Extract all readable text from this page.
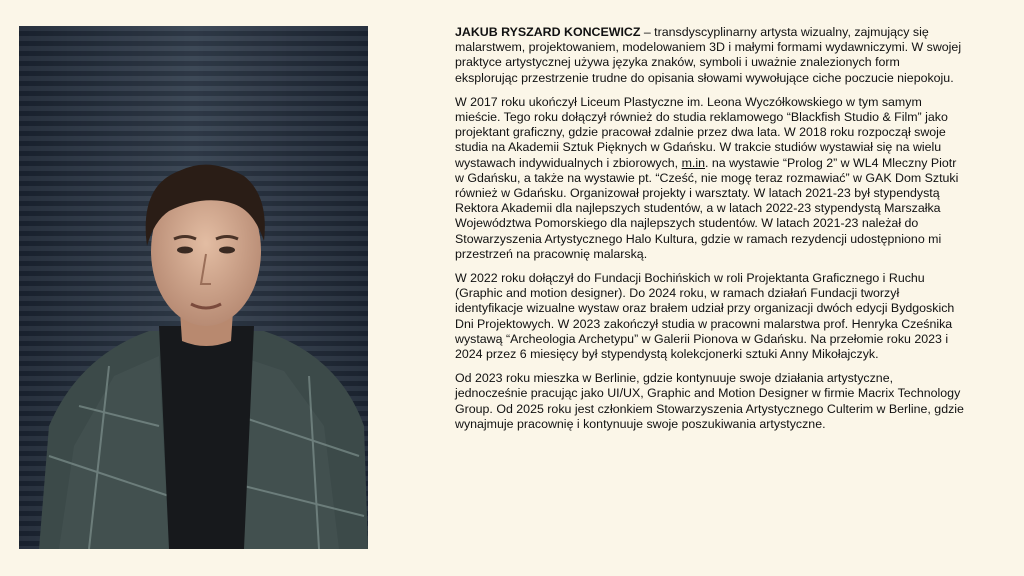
JAKUB RYSZARD KONCEWICZ – transdyscyplinarny artysta wizualny, zajmujący się malarstwem, projektowaniem, modelowaniem 3D i małymi formami wydawniczymi. W swojej praktyce artystycznej używa języka znaków, symboli i uważnie znalezionych form eksplorując przestrzenie trudne do opisania słowami wywołujące ciche poczucie niepokoju.

W 2017 roku ukończył Liceum Plastyczne im. Leona Wyczółkowskiego w tym samym mieście. Tego roku dołączył również do studia reklamowego “Blackfish Studio & Film” jako projektant graficzny, gdzie pracował zdalnie przez dwa lata. W 2018 roku rozpoczął swoje studia na Akademii Sztuk Pięknych w Gdańsku. W trakcie studiów wystawiał się na wielu wystawach indywidualnych i zbiorowych, m.in. na wystawie “Prolog 2” w WL4 Mleczny Piotr w Gdańsku, a także na wystawie pt. “Cześć, nie mogę teraz rozmawiać” w GAK Dom Sztuki również w Gdańsku. Organizował projekty i warsztaty. W latach 2021-23 był stypendystą Rektora Akademii dla najlepszych studentów, a w latach 2022-23 stypendystą Marszałka Województwa Pomorskiego dla najlepszych studentów. W latach 2021-23 należał do Stowarzyszenia Artystycznego Halo Kultura, gdzie w ramach rezydencji udostępniono mi przestrzeń na pracownię malarską.

W 2022 roku dołączył do Fundacji Bochińskich w roli Projektanta Graficznego i Ruchu (Graphic and motion designer). Do 2024 roku, w ramach działań Fundacji tworzył identyfikacje wizualne wystaw oraz brałem udział przy organizacji dwóch edycji Bydgoskich Dni Projektowych. W 2023 zakończył studia w pracowni malarstwa prof. Henryka Cześnika wystawą “Archeologia Archetypu” w Galerii Pionova w Gdańsku. Na przełomie roku 2023 i 2024 przez 6 miesięcy był stypendystą kolekcjonerki sztuki Anny Mikołajczyk.

Od 2023 roku mieszka w Berlinie, gdzie kontynuuje swoje działania artystyczne, jednocześnie pracując jako UI/UX, Graphic and Motion Designer w firmie Macrix Technology Group. Od 2025 roku jest członkiem Stowarzyszenia Artystycznego Culterim w Berline, gdzie wynajmuje pracownię i kontynuuje swoje poszukiwania artystyczne.
